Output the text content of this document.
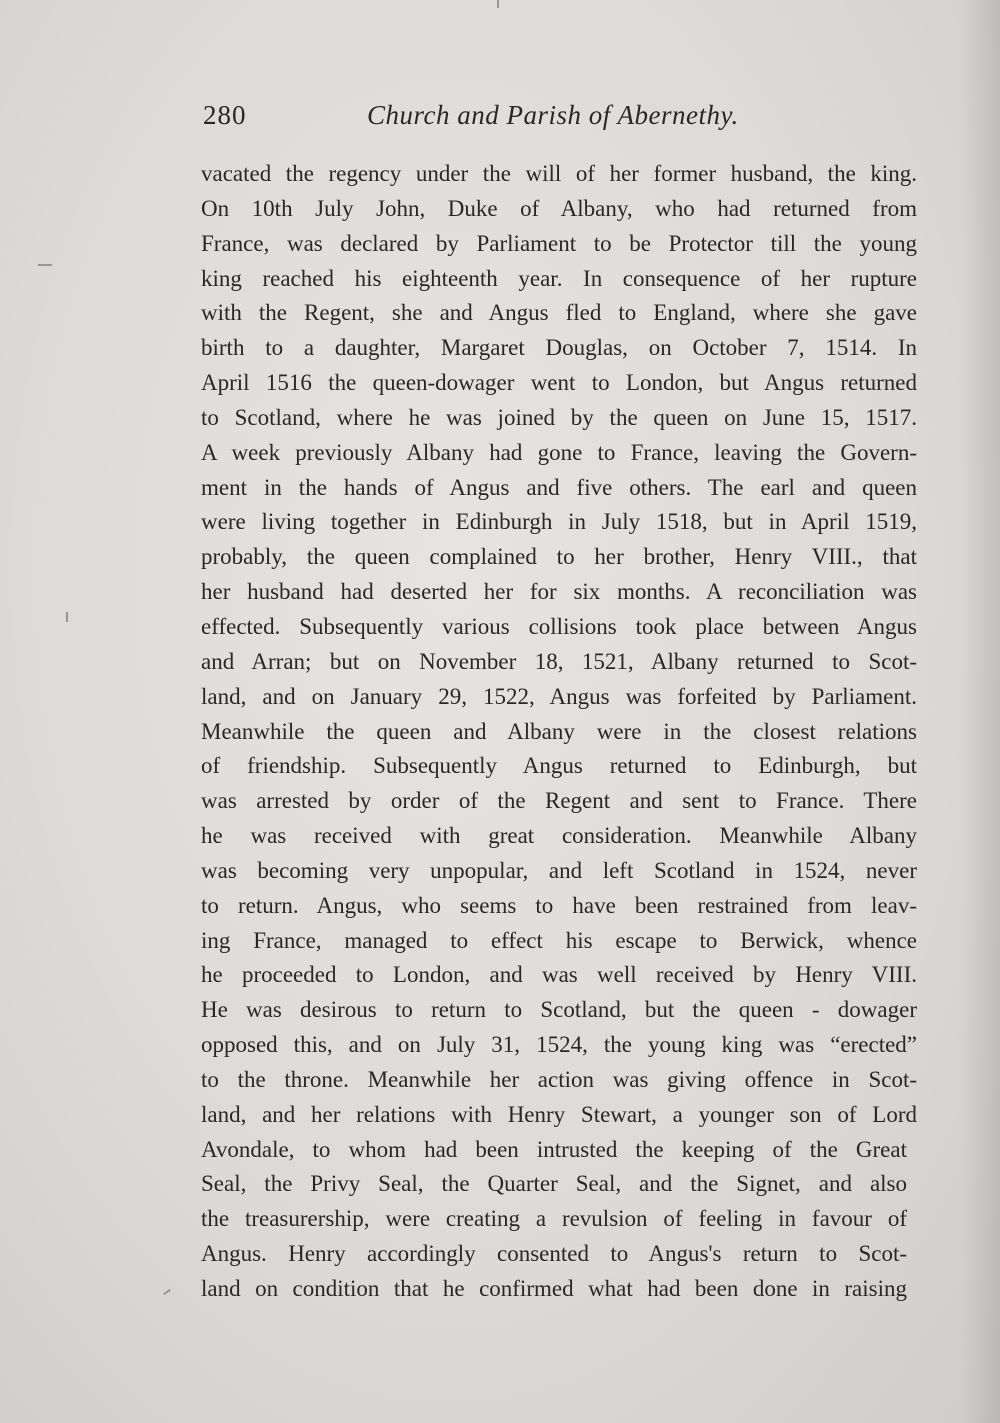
280	Church and Parish of Abernethy.
vacated the regency under the will of her former husband, the king.
On 10th July John, Duke of Albany, who had returned from
France, was declared by Parliament to be Protector till the young
king reached his eighteenth year. In consequence of her rupture
with the Regent, she and Angus fled to England, where she gave
birth to a daughter, Margaret Douglas, on October 7, 1514. In
April 1516 the queen-dowager went to London, but Angus returned
to Scotland, where he was joined by the queen on June 15, 1517.
A week previously Albany had gone to France, leaving the Govern-
ment in the hands of Angus and five others. The earl and queen
were living together in Edinburgh in July 1518, but in April 1519,
probably, the queen complained to her brother, Henry VIII., that
her husband had deserted her for six months. A reconciliation was
effected. Subsequently various collisions took place between Angus
and Arran; but on November 18, 1521, Albany returned to Scot-
land, and on January 29, 1522, Angus was forfeited by Parliament.
Meanwhile the queen and Albany were in the closest relations
of friendship. Subsequently Angus returned to Edinburgh, but
was arrested by order of the Regent and sent to France. There
he was received with great consideration. Meanwhile Albany
was becoming very unpopular, and left Scotland in 1524, never
to return. Angus, who seems to have been restrained from leav-
ing France, managed to effect his escape to Berwick, whence
he proceeded to London, and was well received by Henry VIII.
He was desirous to return to Scotland, but the queen - dowager
opposed this, and on July 31, 1524, the young king was “erected”
to the throne. Meanwhile her action was giving offence in Scot-
land, and her relations with Henry Stewart, a younger son of Lord
Avondale, to whom had been intrusted the keeping of the Great
Seal, the Privy Seal, the Quarter Seal, and the Signet, and also
the treasurership, were creating a revulsion of feeling in favour of
Angus. Henry accordingly consented to Angus's return to Scot-
land on condition that he confirmed what had been done in raising
